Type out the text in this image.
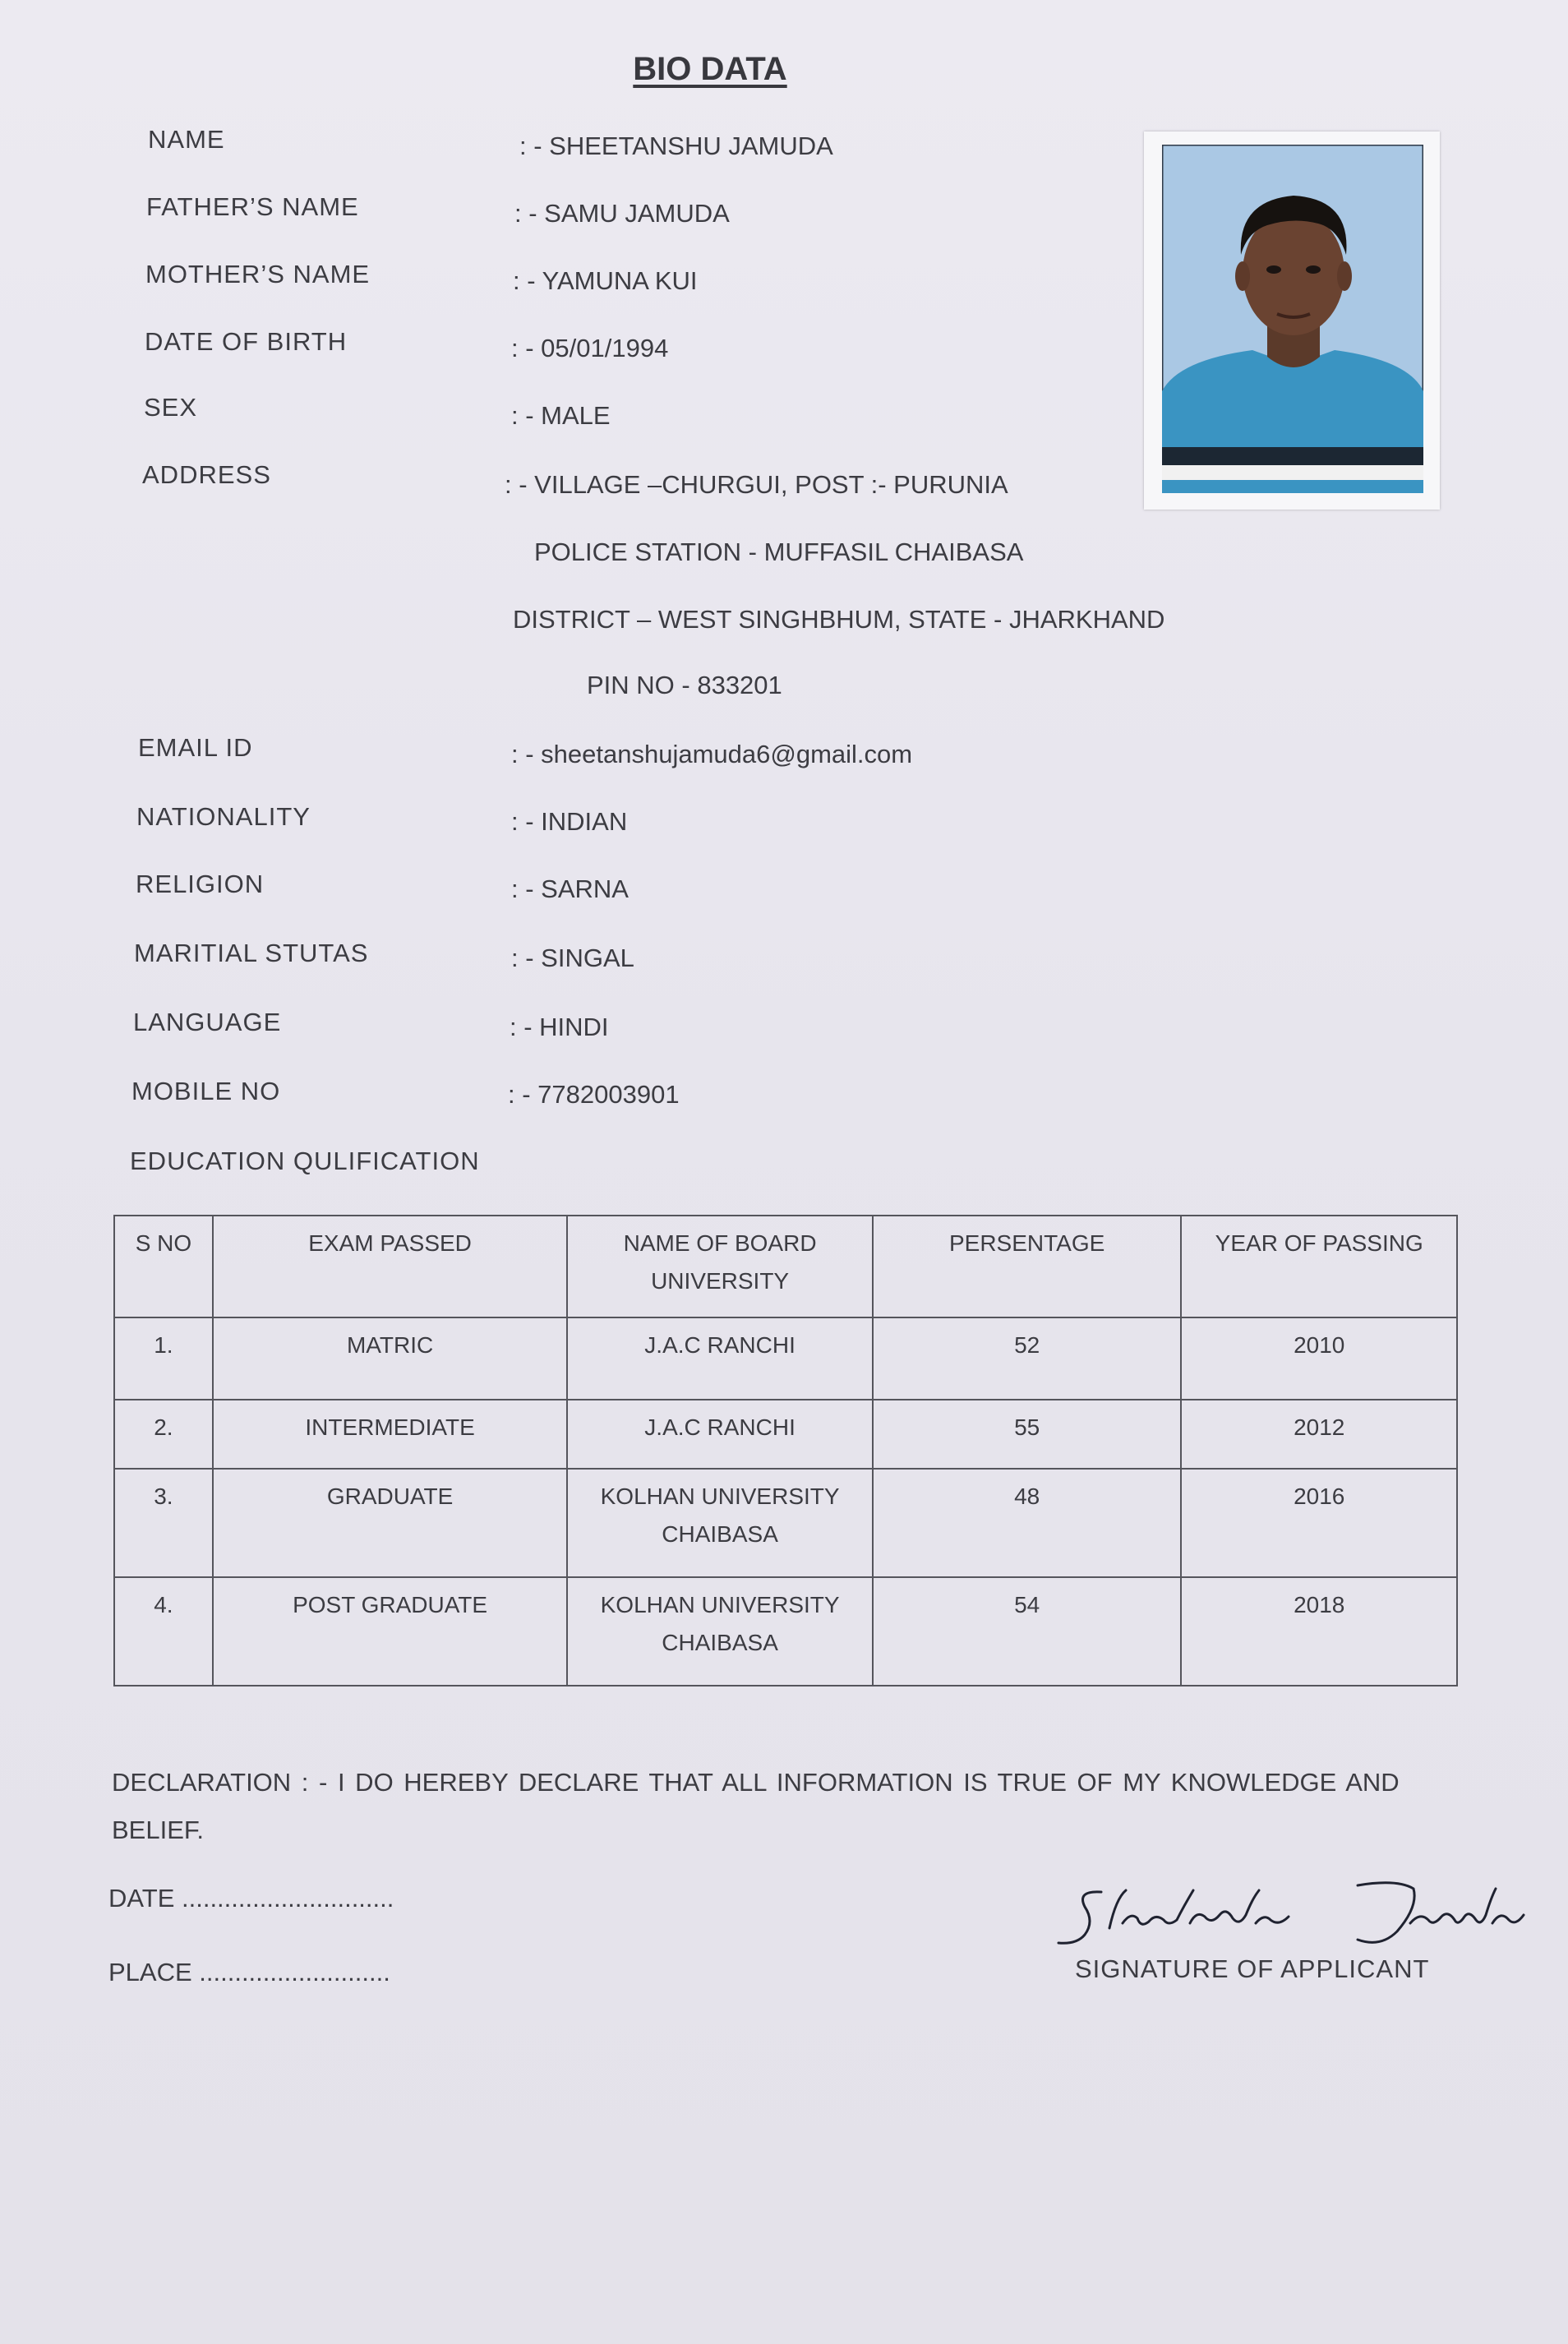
BIO DATA
NAME	: - SHEETANSHU JAMUDA
FATHER’S NAME	: - SAMU JAMUDA
MOTHER’S NAME	: - YAMUNA KUI
DATE OF BIRTH	: - 05/01/1994
SEX	: - MALE
ADDRESS	: - VILLAGE –CHURGUI, POST :- PURUNIA
POLICE STATION - MUFFASIL CHAIBASA
DISTRICT – WEST SINGHBHUM, STATE - JHARKHAND
PIN NO - 833201
EMAIL ID	: - sheetanshujamuda6@gmail.com
NATIONALITY	: - INDIAN
RELIGION	: - SARNA
MARITIAL STUTAS	: - SINGAL
LANGUAGE	: - HINDI
MOBILE NO	: - 7782003901
EDUCATION QULIFICATION
S NO	EXAM PASSED	NAME OF BOARD UNIVERSITY	PERSENTAGE	YEAR OF PASSING
1.	MATRIC	J.A.C RANCHI	52	2010
2.	INTERMEDIATE	J.A.C RANCHI	55	2012
3.	GRADUATE	KOLHAN UNIVERSITY CHAIBASA	48	2016
4.	POST GRADUATE	KOLHAN UNIVERSITY CHAIBASA	54	2018
DECLARATION : - I DO HEREBY DECLARE THAT ALL INFORMATION IS TRUE OF MY KNOWLEDGE AND BELIEF.
DATE ..............................
PLACE ...........................	SIGNATURE OF APPLICANT
